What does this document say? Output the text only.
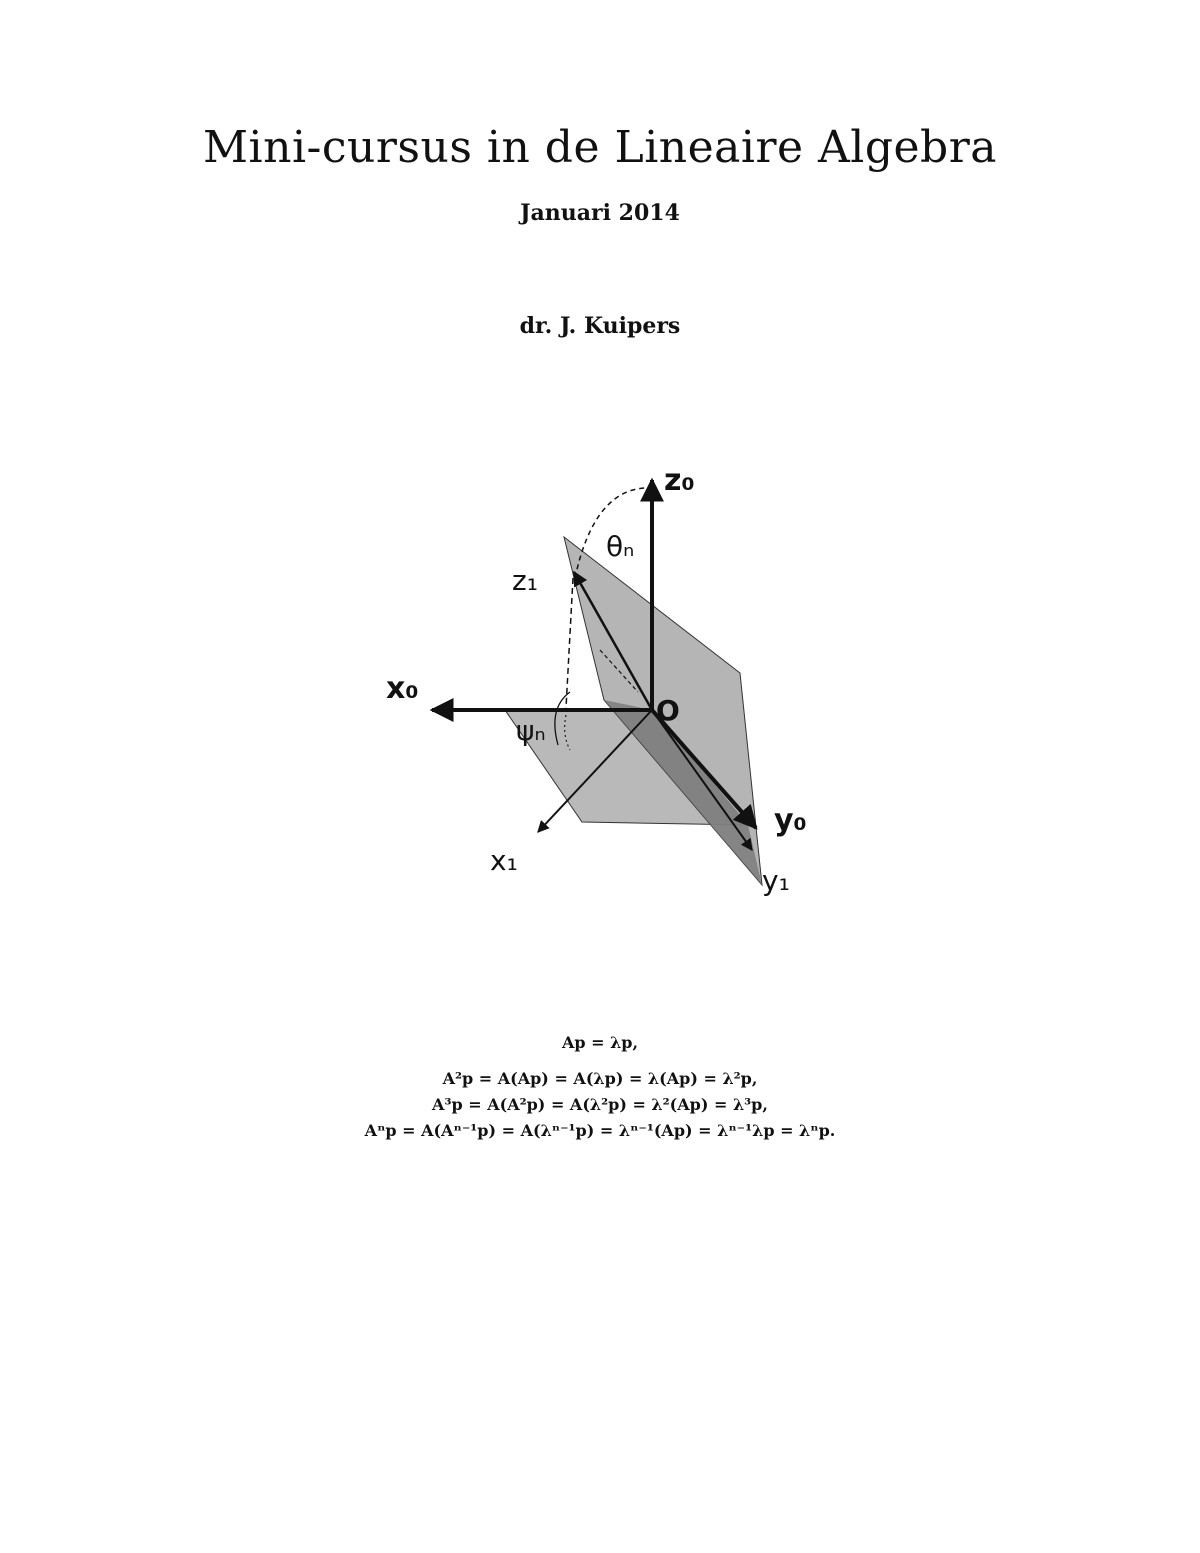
Mini-cursus in de Lineaire Algebra
Januari 2014
dr. J. Kuipers
z₀
θₙ
z₁
x₀
O
ψₙ
y₀
x₁
y₁
Ap = λp,
A²p = A(Ap) = A(λp) = λ(Ap) = λ²p,
A³p = A(A²p) = A(λ²p) = λ²(Ap) = λ³p,
Aⁿp = A(Aⁿ⁻¹p) = A(λⁿ⁻¹p) = λⁿ⁻¹(Ap) = λⁿ⁻¹λp = λⁿp.
